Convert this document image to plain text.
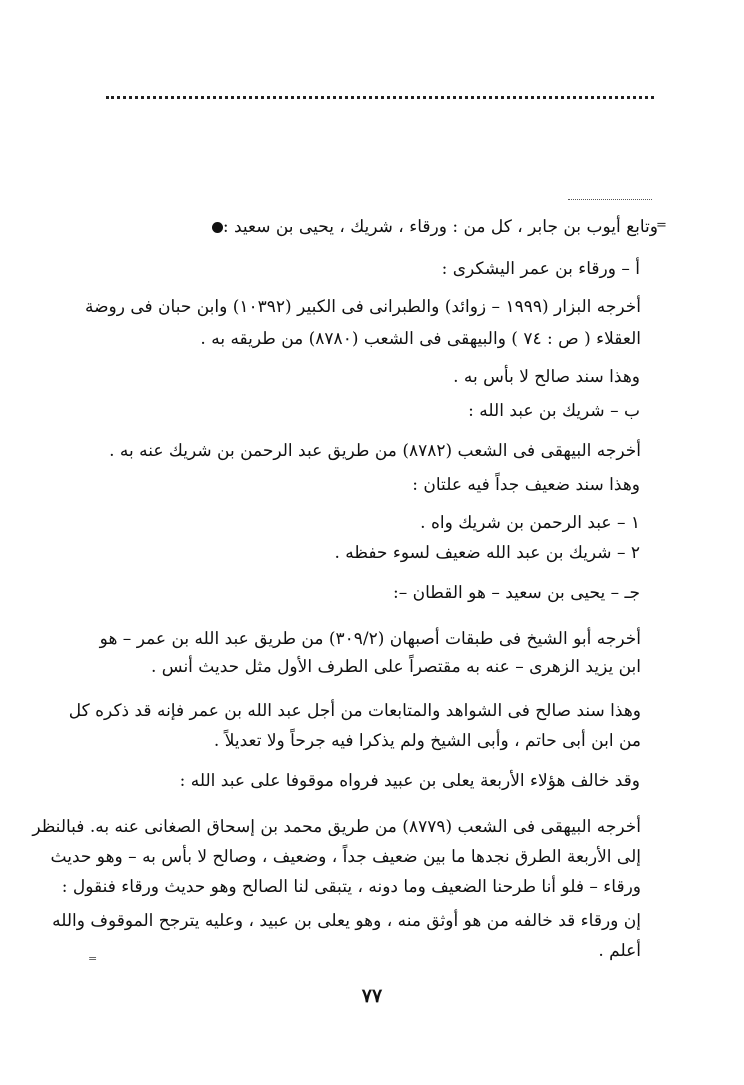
=
وتابع أيوب بن جابر ، كل من : ورقاء ، شريك ، يحيى بن سعيد :
أ – ورقاء بن عمر اليشكرى :
أخرجه البزار (١٩٩٩ – زوائد) والطبرانى فى الكبير (١٠٣٩٢) وابن حبان فى روضة
العقلاء ( ص : ٧٤ ) والبيهقى فى الشعب (٨٧٨٠) من طريقه به .
وهذا سند صالح لا بأس به .
ب – شريك بن عبد الله :
أخرجه البيهقى فى الشعب (٨٧٨٢) من طريق عبد الرحمن بن شريك عنه به .
وهذا سند ضعيف جداً فيه علتان :
١ – عبد الرحمن بن شريك واه .
٢ – شريك بن عبد الله ضعيف لسوء حفظه .
جـ – يحيى بن سعيد – هو القطان –:
أخرجه أبو الشيخ فى طبقات أصبهان (٣٠٩/٢) من طريق عبد الله بن عمر – هو
ابن يزيد الزهرى – عنه به مقتصراً على الطرف الأول مثل حديث أنس .
وهذا سند صالح فى الشواهد والمتابعات من أجل عبد الله بن عمر فإنه قد ذكره كل
من ابن أبى حاتم ، وأبى الشيخ ولم يذكرا فيه جرحاً ولا تعديلاً .
وقد خالف هؤلاء الأربعة يعلى بن عبيد فرواه موقوفا على عبد الله :
أخرجه البيهقى فى الشعب (٨٧٧٩) من طريق محمد بن إسحاق الصغانى عنه به. فبالنظر
إلى الأربعة الطرق نجدها ما بين ضعيف جداً ، وضعيف ، وصالح لا بأس به – وهو حديث
ورقاء – فلو أنا طرحنا الضعيف وما دونه ، يتبقى لنا الصالح وهو حديث ورقاء فنقول :
إن ورقاء قد خالفه من هو أوثق منه ، وهو يعلى بن عبيد ، وعليه يترجح الموقوف والله
أعلم .
=
٧٧
